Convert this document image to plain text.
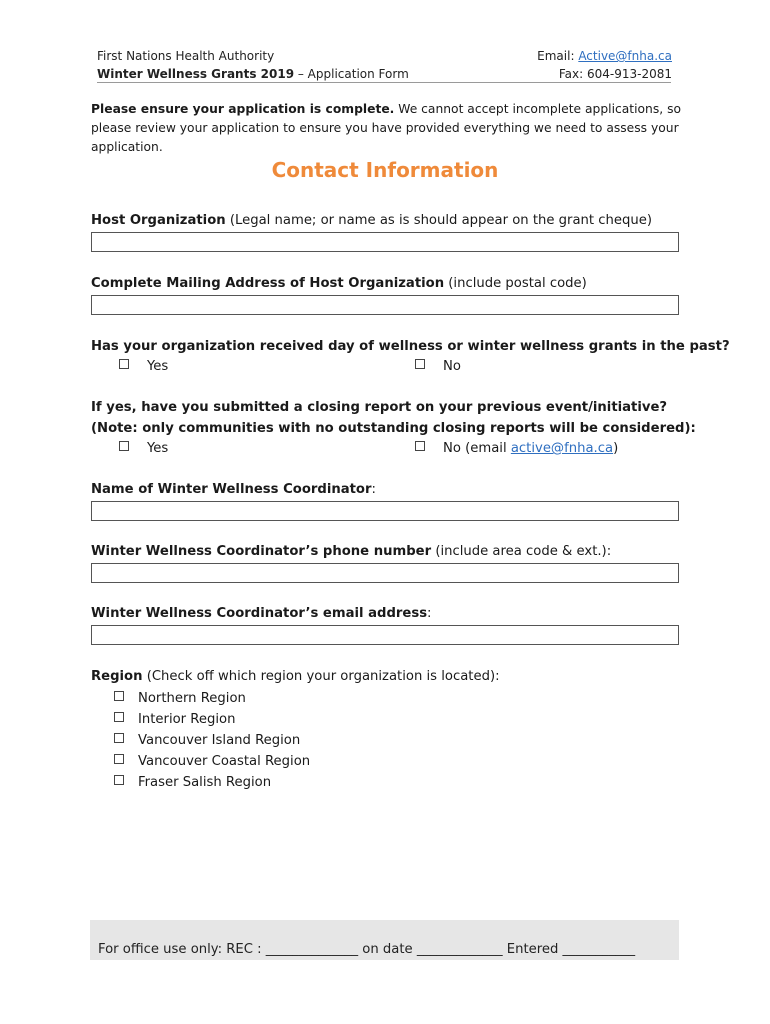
First Nations Health Authority
Winter Wellness Grants 2019 – Application Form
Email: Active@fnha.ca
Fax: 604-913-2081
Please ensure your application is complete. We cannot accept incomplete applications, so please review your application to ensure you have provided everything we need to assess your application.
Contact Information
Host Organization (Legal name; or name as is should appear on the grant cheque)
Complete Mailing Address of Host Organization (include postal code)
Has your organization received day of wellness or winter wellness grants in the past?
Yes	No
If yes, have you submitted a closing report on your previous event/initiative?
(Note: only communities with no outstanding closing reports will be considered):
Yes	No (email active@fnha.ca)
Name of Winter Wellness Coordinator:
Winter Wellness Coordinator’s phone number (include area code & ext.):
Winter Wellness Coordinator’s email address:
Region (Check off which region your organization is located):
Northern Region
Interior Region
Vancouver Island Region
Vancouver Coastal Region
Fraser Salish Region
For office use only: REC : ______________ on date _____________ Entered ___________
